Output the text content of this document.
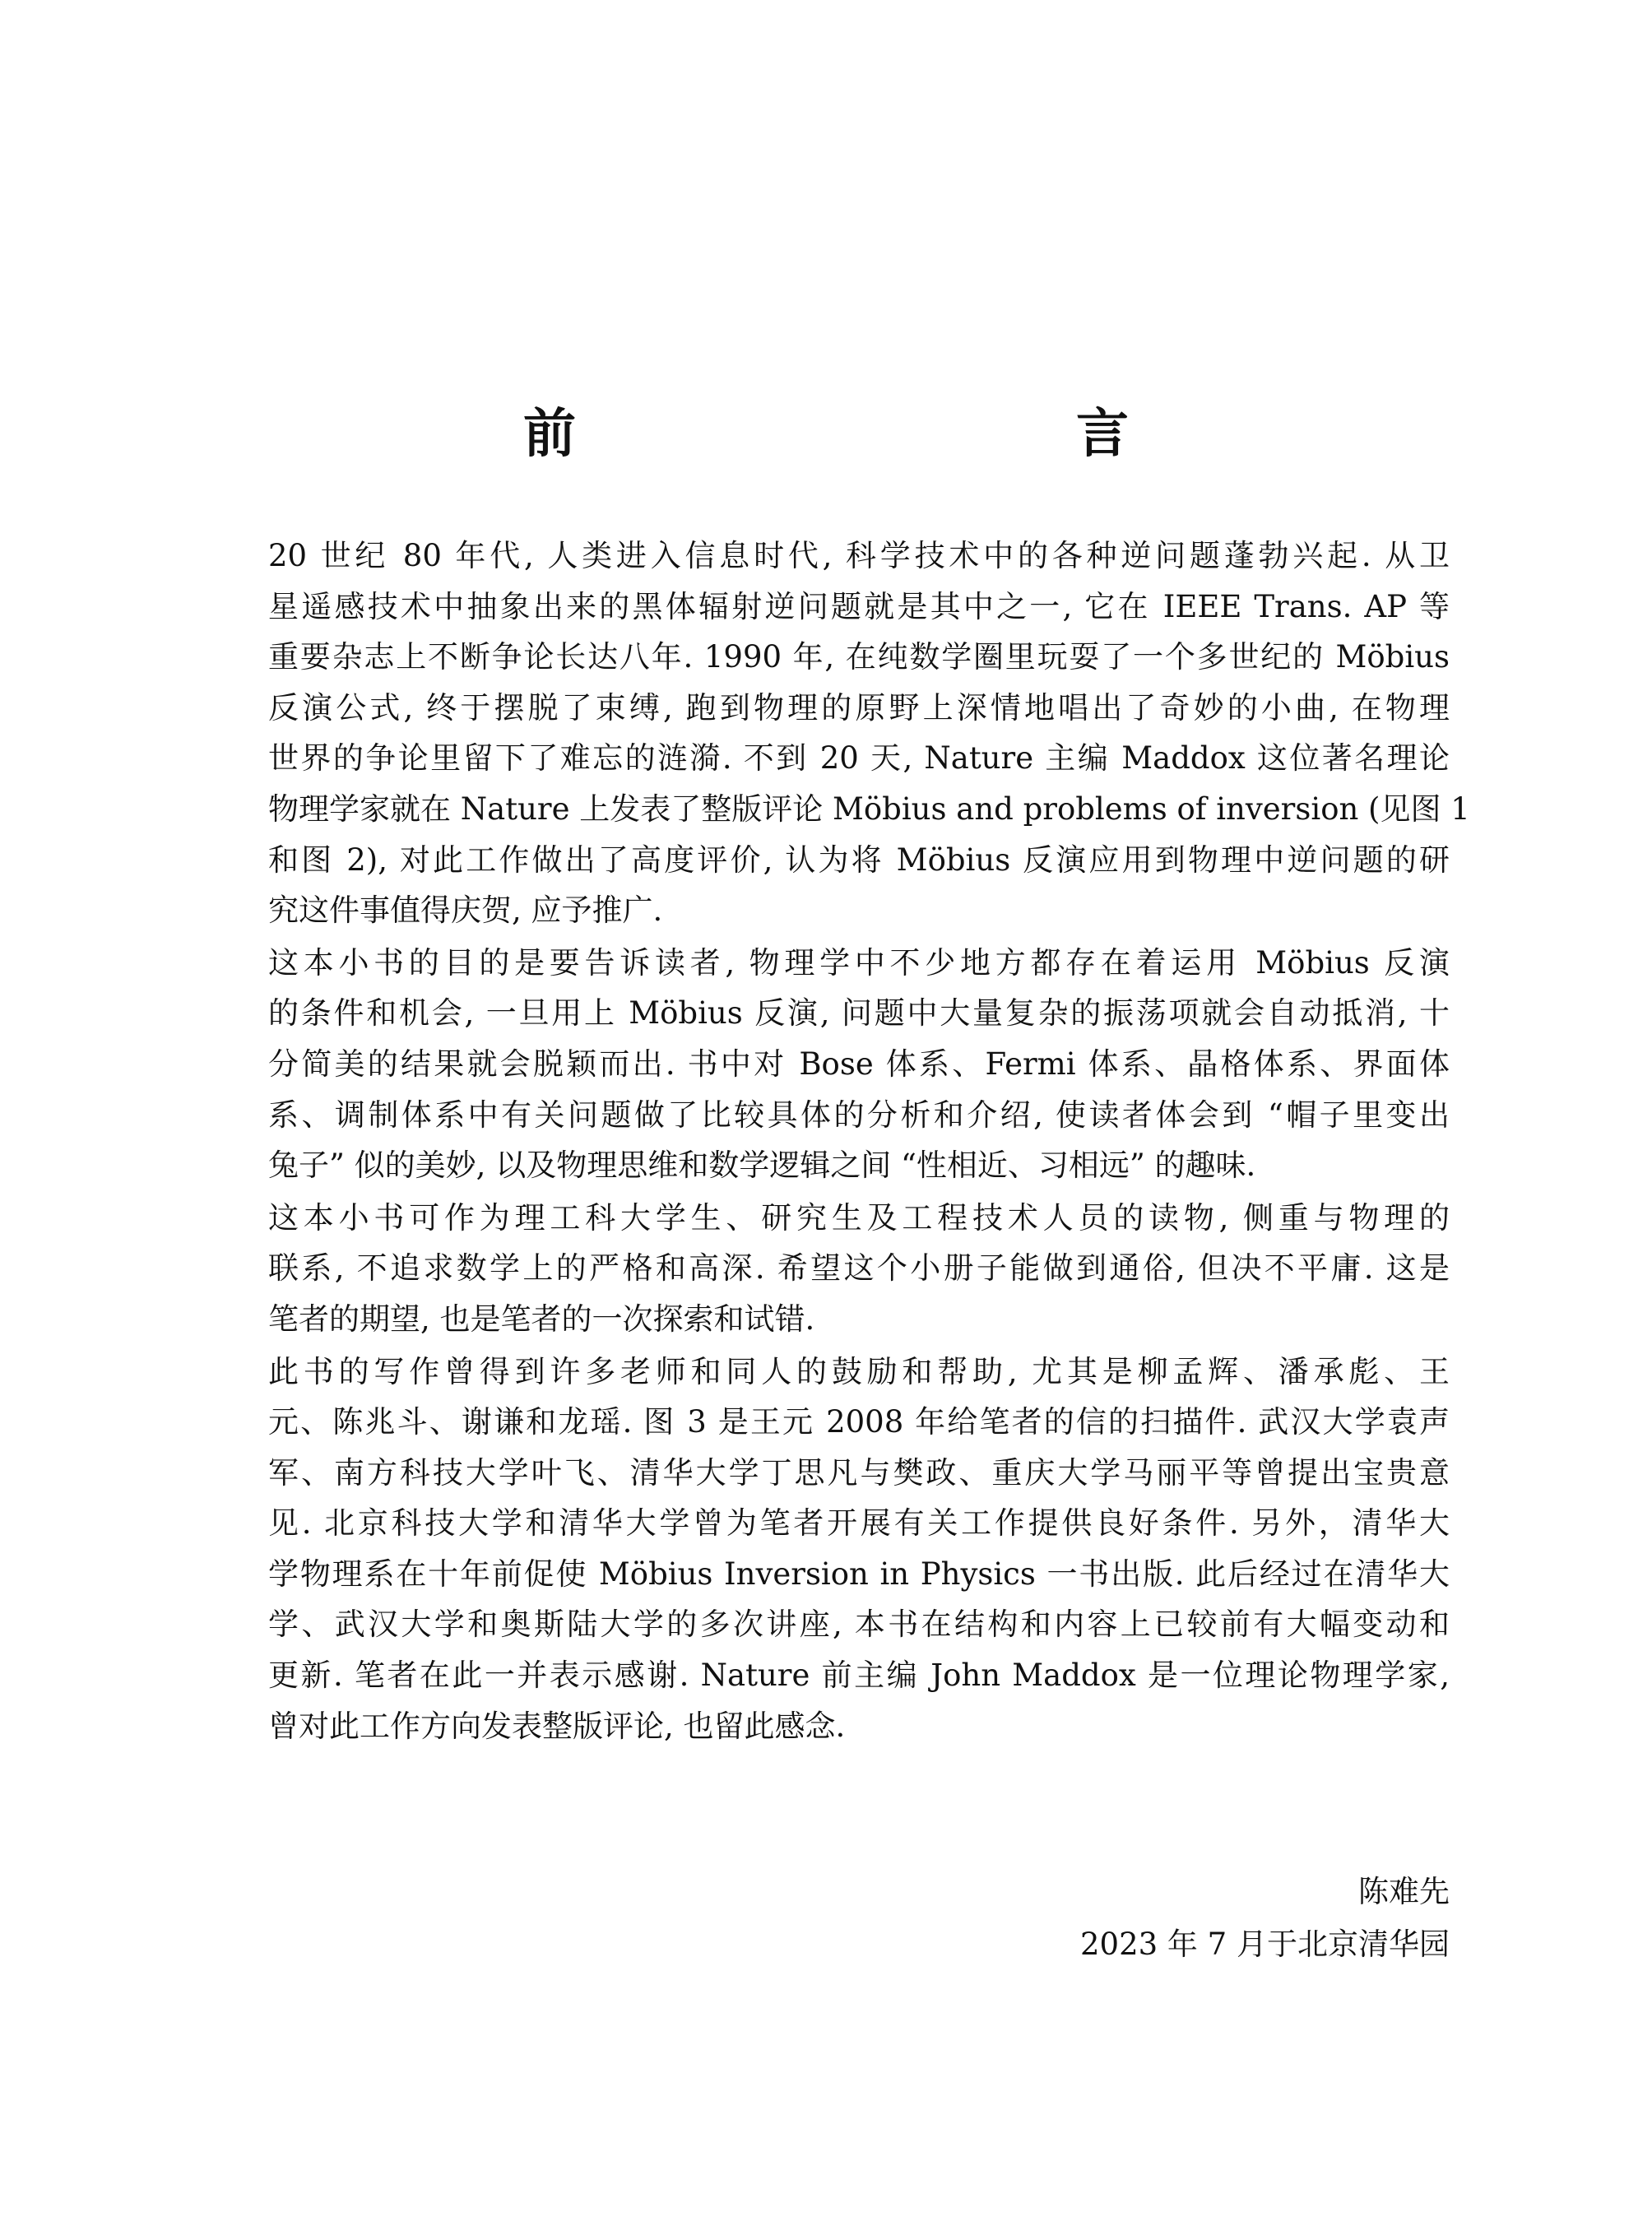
前　　言

20 世纪 80 年代, 人类进入信息时代, 科学技术中的各种逆问题蓬勃兴起. 从卫
星遥感技术中抽象出来的黑体辐射逆问题就是其中之一, 它在 IEEE Trans. AP 等
重要杂志上不断争论长达八年. 1990 年, 在纯数学圈里玩耍了一个多世纪的 Möbius
反演公式, 终于摆脱了束缚, 跑到物理的原野上深情地唱出了奇妙的小曲, 在物理
世界的争论里留下了难忘的涟漪. 不到 20 天, Nature 主编 Maddox 这位著名理论
物理学家就在 Nature 上发表了整版评论 Möbius and problems of inversion (见图 1
和图 2), 对此工作做出了高度评价, 认为将 Möbius 反演应用到物理中逆问题的研
究这件事值得庆贺, 应予推广.

这本小书的目的是要告诉读者, 物理学中不少地方都存在着运用 Möbius 反演
的条件和机会, 一旦用上 Möbius 反演, 问题中大量复杂的振荡项就会自动抵消, 十
分简美的结果就会脱颖而出. 书中对 Bose 体系、Fermi 体系、晶格体系、界面体
系、调制体系中有关问题做了比较具体的分析和介绍, 使读者体会到 “帽子里变出
兔子” 似的美妙, 以及物理思维和数学逻辑之间 “性相近、习相远” 的趣味.

这本小书可作为理工科大学生、研究生及工程技术人员的读物, 侧重与物理的
联系, 不追求数学上的严格和高深. 希望这个小册子能做到通俗, 但决不平庸. 这是
笔者的期望, 也是笔者的一次探索和试错.

此书的写作曾得到许多老师和同人的鼓励和帮助, 尤其是柳孟辉、潘承彪、王
元、陈兆斗、谢谦和龙瑶. 图 3 是王元 2008 年给笔者的信的扫描件. 武汉大学袁声
军、南方科技大学叶飞、清华大学丁思凡与樊政、重庆大学马丽平等曾提出宝贵意
见. 北京科技大学和清华大学曾为笔者开展有关工作提供良好条件. 另外，清华大
学物理系在十年前促使 Möbius Inversion in Physics 一书出版. 此后经过在清华大
学、武汉大学和奥斯陆大学的多次讲座, 本书在结构和内容上已较前有大幅变动和
更新. 笔者在此一并表示感谢. Nature 前主编 John Maddox 是一位理论物理学家,
曾对此工作方向发表整版评论, 也留此感念.

陈难先
2023 年 7 月于北京清华园
